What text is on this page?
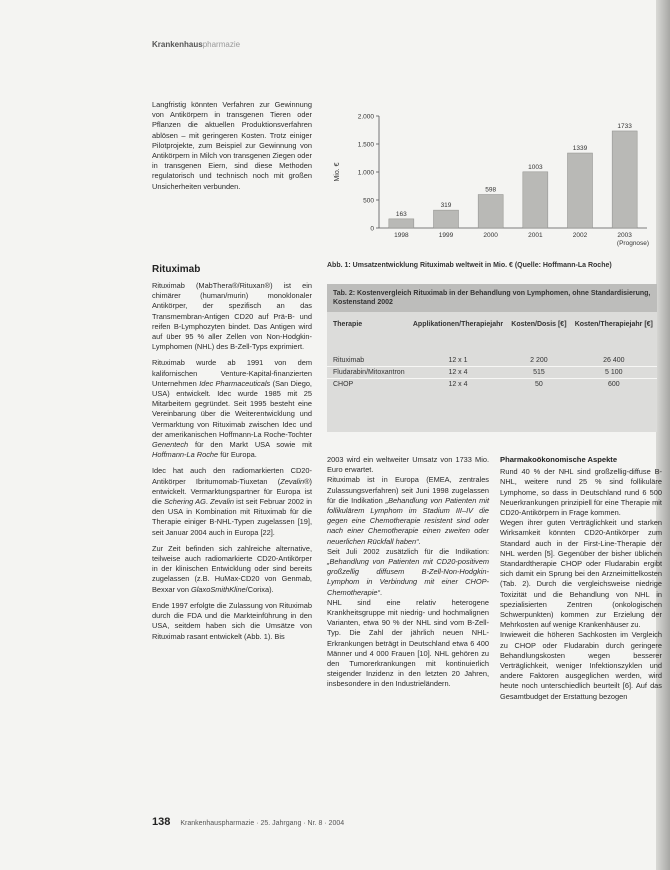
Krankenhauspharmazie

Langfristig könnten Verfahren zur Gewinnung von Antikörpern in transgenen Tieren oder Pflanzen die aktuellen Produktionsverfahren ablösen – mit geringeren Kosten. Trotz einiger Pilotprojekte, zum Beispiel zur Gewinnung von Antikörpern in Milch von transgenen Ziegen oder in transgenen Eiern, sind diese Methoden regulatorisch und technisch noch mit großen Unsicherheiten verbunden.

Rituximab

Rituximab (MabThera®/Rituxan®) ist ein chimärer (human/murin) monoklonaler Antikörper, der spezifisch an das Transmembran-Antigen CD20 auf Prä-B- und reifen B-Lymphozyten bindet. Das Antigen wird auf über 95 % aller Zellen von Non-Hodgkin-Lymphomen (NHL) des B-Zell-Typs exprimiert.

Rituximab wurde ab 1991 von dem kalifornischen Venture-Kapital-finanzierten Unternehmen Idec Pharmaceuticals (San Diego, USA) entwickelt. Idec wurde 1985 mit 25 Mitarbeitern gegründet. Seit 1995 besteht eine Vereinbarung über die Weiterentwicklung und Vermarktung von Rituximab zwischen Idec und der amerikanischen Hoffmann-La Roche-Tochter Genentech für den Markt USA sowie mit Hoffmann-La Roche für Europa.

Idec hat auch den radiomarkierten CD20-Antikörper Ibritumomab-Tiuxetan (Zevalin®) entwickelt. Vermarktungspartner für Europa ist die Schering AG. Zevalin ist seit Februar 2002 in den USA in Kombination mit Rituximab für die Therapie einiger B-NHL-Typen zugelassen [19], seit Januar 2004 auch in Europa [22].

Zur Zeit befinden sich zahlreiche alternative, teilweise auch radiomarkierte CD20-Antikörper in der klinischen Entwicklung oder sind bereits zugelassen (z.B. HuMax-CD20 von Genmab, Bexxar von GlaxoSmithKline/Corixa).

Ende 1997 erfolgte die Zulassung von Rituximab durch die FDA und die Markteinführung in den USA, seitdem haben sich die Umsätze von Rituximab rasant entwickelt (Abb. 1). Bis

Mio. €
(Prognose)
0
500
1.000
1.500
2.000
163
1998
319
1999
598
2000
1003
2001
1339
2002
1733
2003
Abb. 1: Umsatzentwicklung Rituximab weltweit in Mio. € (Quelle: Hoffmann-La Roche)
Tab. 2: Kostenvergleich Rituximab in der Behandlung von Lymphomen, ohne Standardisierung, Kostenstand 2002
Therapie	Applikationen/Therapiejahr	Kosten/Dosis [€]	Kosten/Therapiejahr [€]
Rituximab	12 x 1	2 200	26 400
Fludarabin/Mitoxantron	12 x 4	515	5 100
CHOP	12 x 4	50	600

2003 wird ein weltweiter Umsatz von 1733 Mio. Euro erwartet.

Rituximab ist in Europa (EMEA, zentrales Zulassungsverfahren) seit Juni 1998 zugelassen für die Indikation „Behandlung von Patienten mit follikulärem Lymphom im Stadium III–IV die gegen eine Chemotherapie resistent sind oder nach einer Chemotherapie einen zweiten oder neuerlichen Rückfall haben“.

Seit Juli 2002 zusätzlich für die Indikation: „Behandlung von Patienten mit CD20-positivem großzellig diffusem B-Zell-Non-Hodgkin-Lymphom in Verbindung mit einer CHOP-Chemotherapie“.

NHL sind eine relativ heterogene Krankheitsgruppe mit niedrig- und hochmalignen Varianten, etwa 90 % der NHL sind vom B-Zell-Typ. Die Zahl der jährlich neuen NHL-Erkrankungen beträgt in Deutschland etwa 6 400 Männer und 4 000 Frauen [10]. NHL gehören zu den Tumorerkrankungen mit kontinuierlich steigender Inzidenz in den letzten 20 Jahren, insbesondere in den Industrieländern.

Pharmakoökonomische Aspekte

Rund 40 % der NHL sind großzellig-diffuse B-NHL, weitere rund 25 % sind follikuläre Lymphome, so dass in Deutschland rund 6 500 Neuerkrankungen prinzipiell für eine Therapie mit CD20-Antikörpern in Frage kommen.

Wegen ihrer guten Verträglichkeit und starken Wirksamkeit könnten CD20-Antikörper zum Standard auch in der First-Line-Therapie der NHL werden [5]. Gegenüber der bisher üblichen Standardtherapie CHOP oder Fludarabin ergibt sich damit ein Sprung bei den Arzneimittelkosten (Tab. 2). Durch die vergleichsweise niedrige Toxizität und die Behandlung von NHL in spezialisierten Zentren (onkologischen Schwerpunkten) kommen zur Erzielung der Mehrkosten auf wenige Krankenhäuser zu.

Inwieweit die höheren Sachkosten im Vergleich zu CHOP oder Fludarabin durch geringere Behandlungskosten wegen besserer Verträglichkeit, weniger Infektionszyklen und andere Faktoren ausgeglichen werden, wird heute noch unterschiedlich beurteilt [6]. Auf das Gesamtbudget der Erstattung bezogen

138 Krankenhauspharmazie · 25. Jahrgang · Nr. 8 · 2004
